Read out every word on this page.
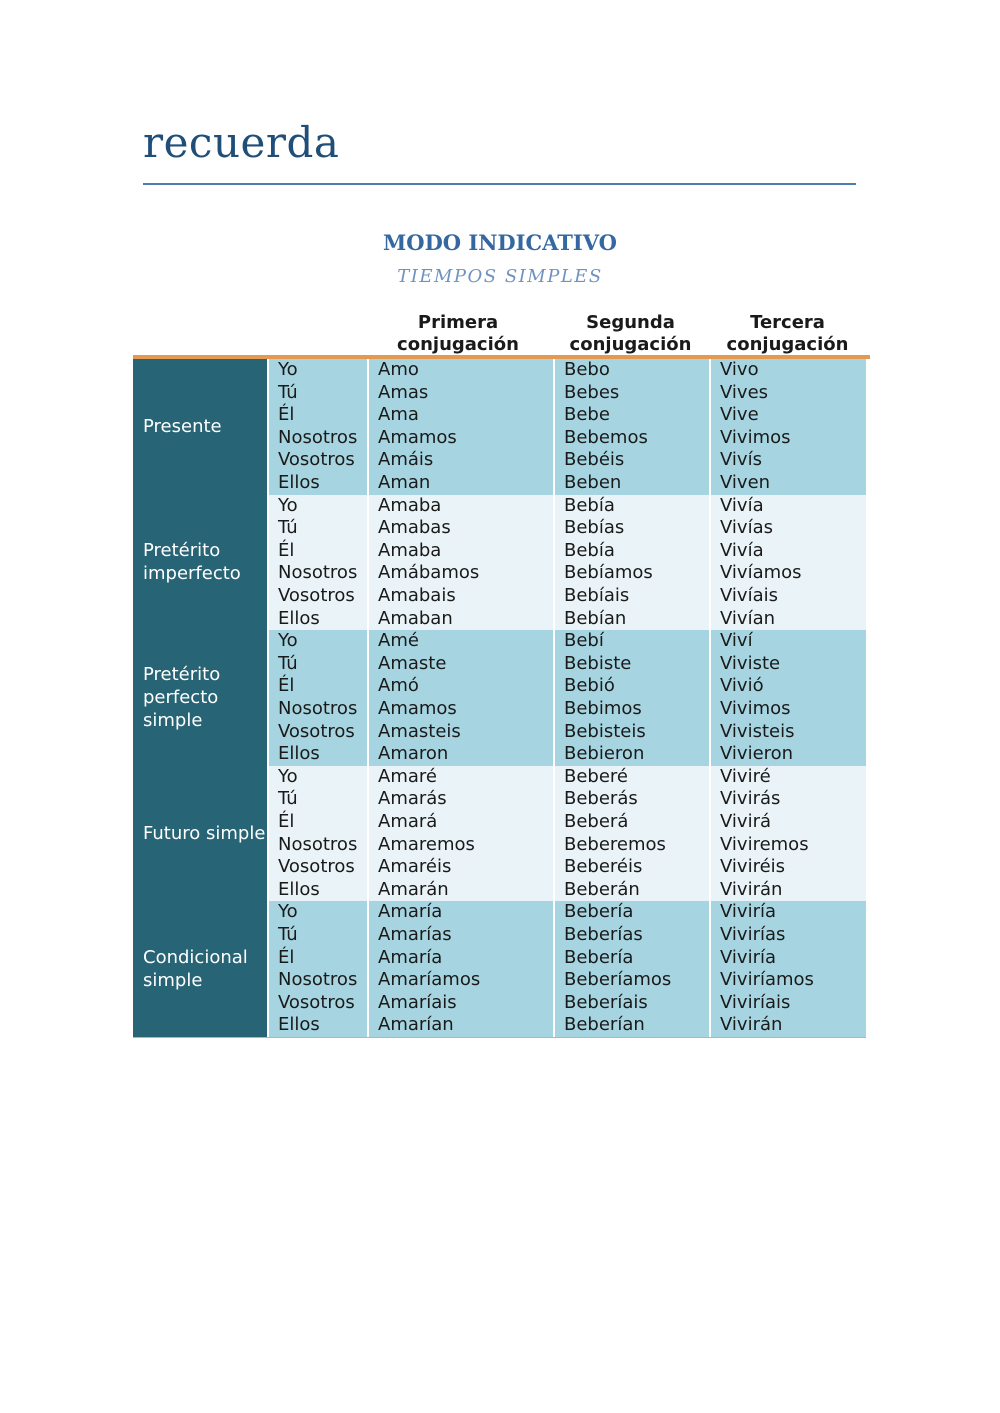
recuerda
MODO INDICATIVO
TIEMPOS SIMPLES
Primera
conjugación
Segunda
conjugación
Tercera
conjugación
Presente
Yo
Tú
Él
Nosotros
Vosotros
Ellos
Amo
Amas
Ama
Amamos
Amáis
Aman
Bebo
Bebes
Bebe
Bebemos
Bebéis
Beben
Vivo
Vives
Vive
Vivimos
Vivís
Viven
Pretérito imperfecto
Yo
Tú
Él
Nosotros
Vosotros
Ellos
Amaba
Amabas
Amaba
Amábamos
Amabais
Amaban
Bebía
Bebías
Bebía
Bebíamos
Bebíais
Bebían
Vivía
Vivías
Vivía
Vivíamos
Vivíais
Vivían
Pretérito perfecto simple
Yo
Tú
Él
Nosotros
Vosotros
Ellos
Amé
Amaste
Amó
Amamos
Amasteis
Amaron
Bebí
Bebiste
Bebió
Bebimos
Bebisteis
Bebieron
Viví
Viviste
Vivió
Vivimos
Vivisteis
Vivieron
Futuro simple
Yo
Tú
Él
Nosotros
Vosotros
Ellos
Amaré
Amarás
Amará
Amaremos
Amaréis
Amarán
Beberé
Beberás
Beberá
Beberemos
Beberéis
Beberán
Viviré
Vivirás
Vivirá
Viviremos
Viviréis
Vivirán
Condicional simple
Yo
Tú
Él
Nosotros
Vosotros
Ellos
Amaría
Amarías
Amaría
Amaríamos
Amaríais
Amarían
Bebería
Beberías
Bebería
Beberíamos
Beberíais
Beberían
Viviría
Vivirías
Viviría
Viviríamos
Viviríais
Vivirán
